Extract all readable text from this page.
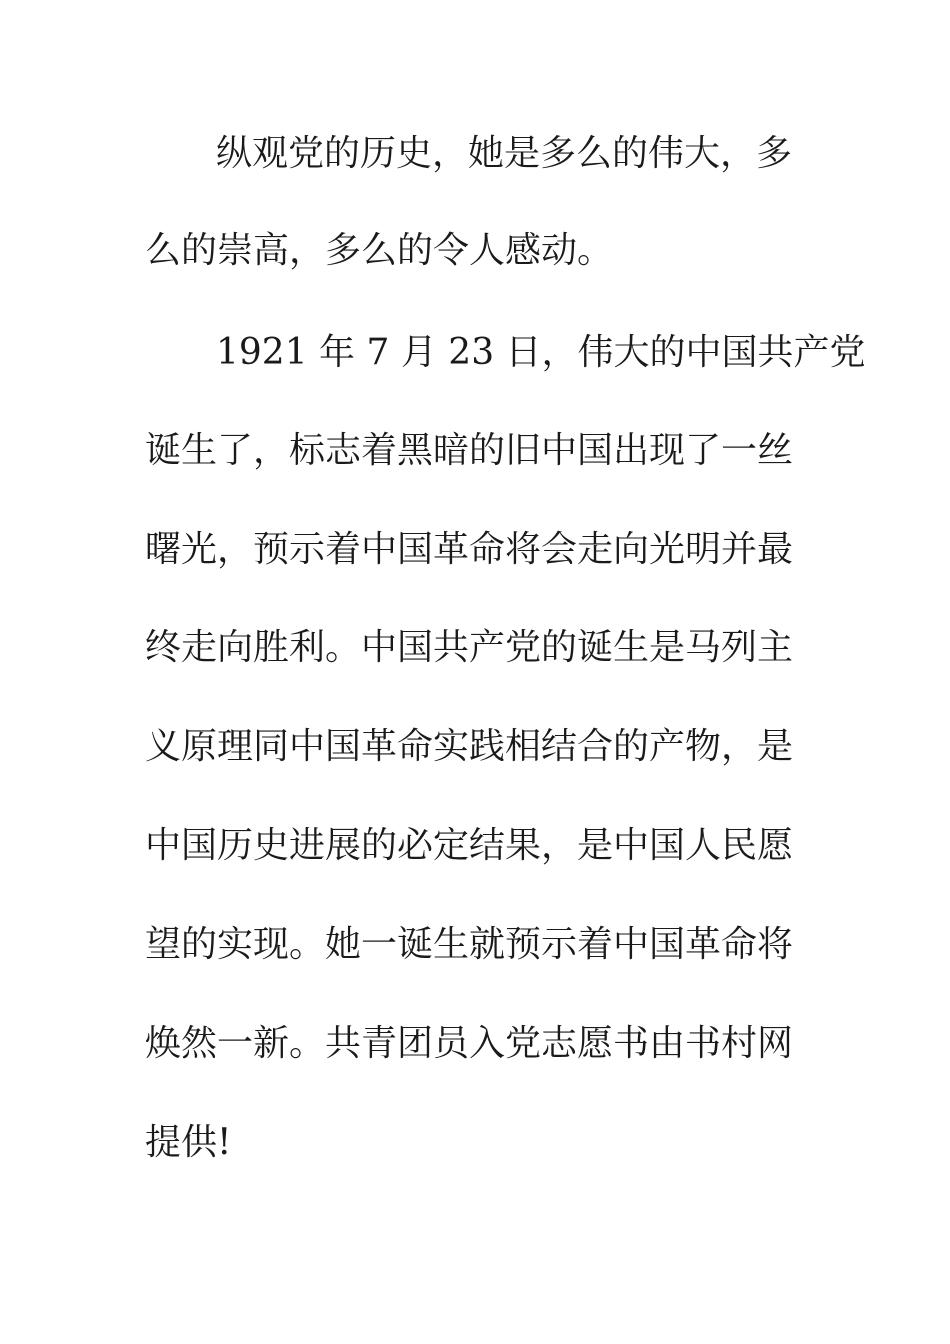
纵观党的历史，她是多么的伟大，多
么的崇高，多么的令人感动。
1921 年 7 月 23 日，伟大的中国共产党
诞生了，标志着黑暗的旧中国出现了一丝
曙光，预示着中国革命将会走向光明并最
终走向胜利。中国共产党的诞生是马列主
义原理同中国革命实践相结合的产物，是
中国历史进展的必定结果，是中国人民愿
望的实现。她一诞生就预示着中国革命将
焕然一新。共青团员入党志愿书由书村网
提供!
